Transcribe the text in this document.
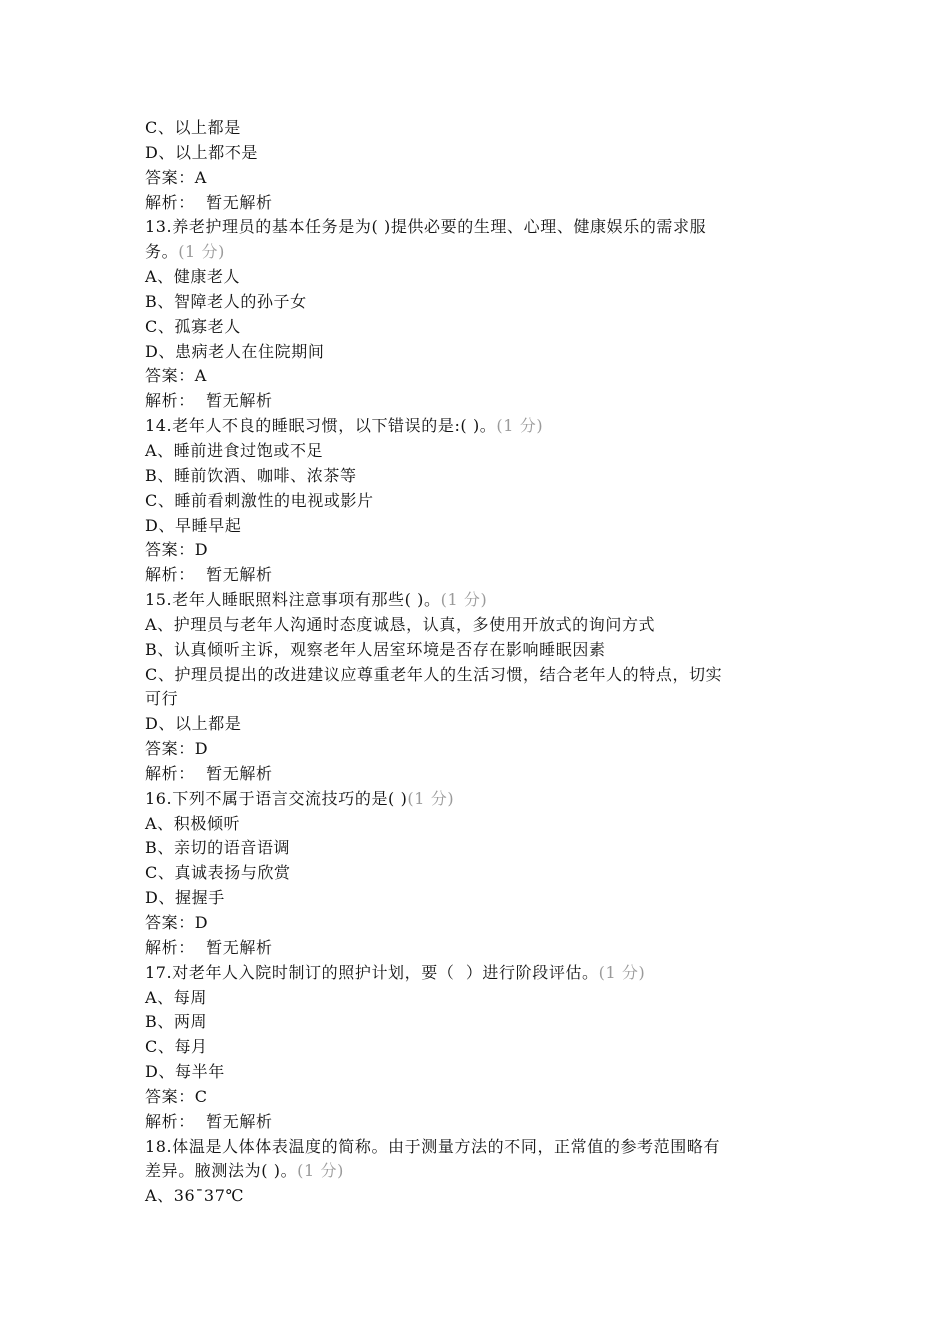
C、以上都是
D、以上都不是
答案：A
解析：  暂无解析
13.养老护理员的基本任务是为( )提供必要的生理、心理、健康娱乐的需求服
务。(1 分)
A、健康老人
B、智障老人的孙子女
C、孤寡老人
D、患病老人在住院期间
答案：A
解析：  暂无解析
14.老年人不良的睡眠习惯，以下错误的是:( )。(1 分)
A、睡前进食过饱或不足
B、睡前饮酒、咖啡、浓茶等
C、睡前看刺激性的电视或影片
D、早睡早起
答案：D
解析：  暂无解析
15.老年人睡眠照料注意事项有那些( )。(1 分)
A、护理员与老年人沟通时态度诚恳，认真，多使用开放式的询问方式
B、认真倾听主诉，观察老年人居室环境是否存在影响睡眠因素
C、护理员提出的改进建议应尊重老年人的生活习惯，结合老年人的特点，切实
可行
D、以上都是
答案：D
解析：  暂无解析
16.下列不属于语言交流技巧的是( )(1 分)
A、积极倾听
B、亲切的语音语调
C、真诚表扬与欣赏
D、握握手
答案：D
解析：  暂无解析
17.对老年人入院时制订的照护计划，要（  ）进行阶段评估。(1 分)
A、每周
B、两周
C、每月
D、每半年
答案：C
解析：  暂无解析
18.体温是人体体表温度的简称。由于测量方法的不同，正常值的参考范围略有
差异。腋测法为( )。(1 分)
A、36¯37℃
